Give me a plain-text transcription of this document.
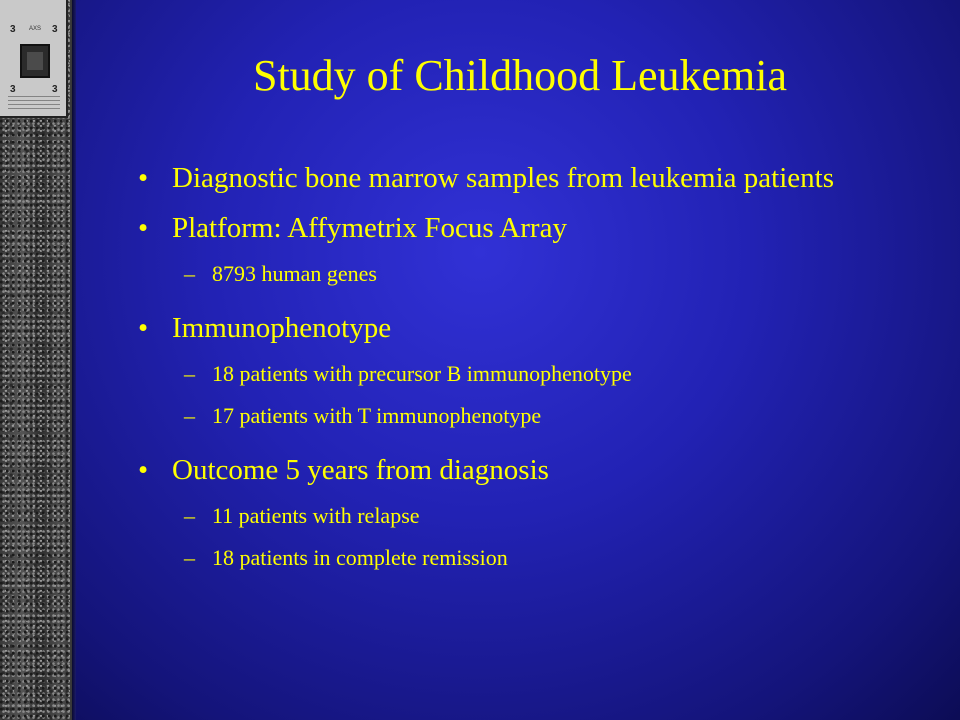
3	3
3	3
AXS
Study of Childhood Leukemia
• Diagnostic bone marrow samples from leukemia patients
• Platform: Affymetrix Focus Array
– 8793 human genes
• Immunophenotype
– 18 patients with precursor B immunophenotype
– 17 patients with T immunophenotype
• Outcome 5 years from diagnosis
– 11 patients with relapse
– 18 patients in complete remission
